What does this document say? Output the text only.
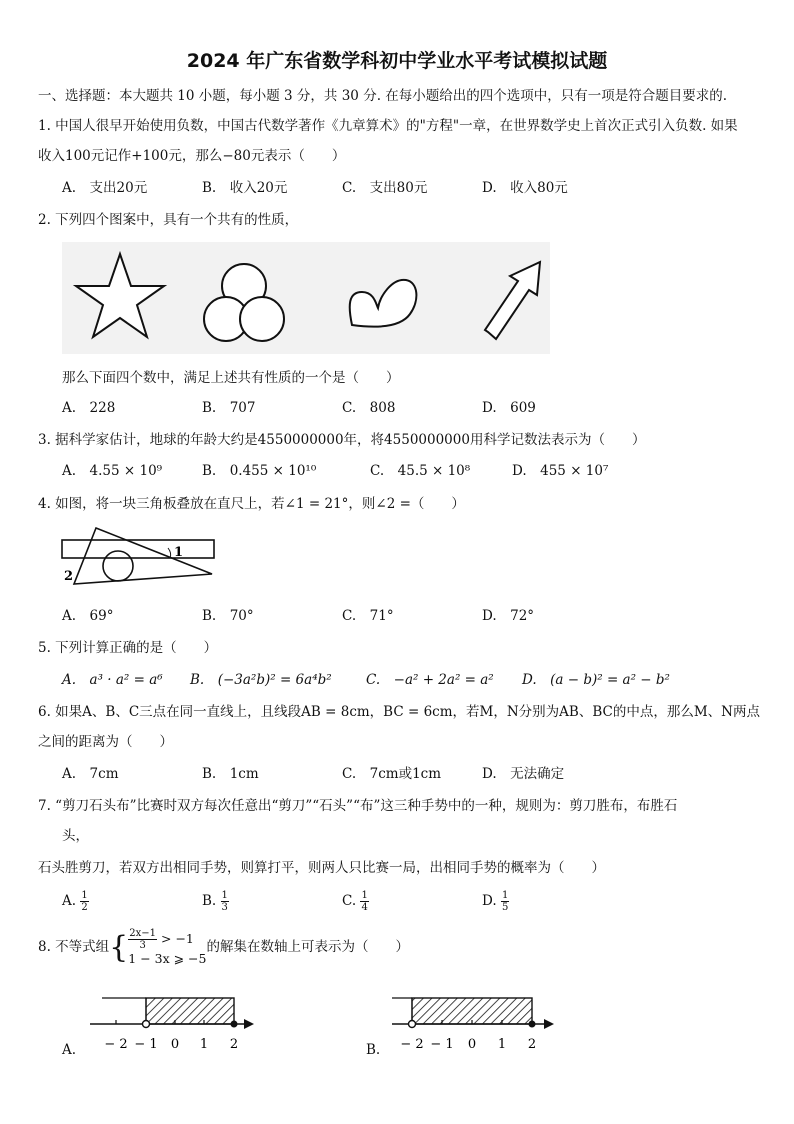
2024 年广东省数学科初中学业水平考试模拟试题
一、选择题：本大题共 10 小题，每小题 3 分，共 30 分. 在每小题给出的四个选项中，只有一项是符合题目要求的.
1. 中国人很早开始使用负数，中国古代数学著作《九章算术》的"方程"一章，在世界数学史上首次正式引入负数. 如果
收入100元记作+100元，那么−80元表示（　　）
A.　支出20元	B.　收入20元	C.　支出80元	D.　收入80元
2. 下列四个图案中，具有一个共有的性质，
那么下面四个数中，满足上述共有性质的一个是（　　）
A.　228	B.　707	C.　808	D.　609
3. 据科学家估计，地球的年龄大约是4550000000年，将4550000000用科学记数法表示为（　　）
A.　4.55 × 10⁹	B.　0.455 × 10¹⁰	C.　45.5 × 10⁸	D.　455 × 10⁷
4. 如图，将一块三角板叠放在直尺上，若∠1 = 21°，则∠2 =（　　）
1
2
A.　69°	B.　70°	C.　71°	D.　72°
5. 下列计算正确的是（　　）
A.　a³ · a² = a⁶ B.　(−3a²b)² = 6a⁴b²	C.　−a² + 2a² = a² D.　(a − b)² = a² − b²
6. 如果A、B、C三点在同一直线上，且线段AB = 8cm，BC = 6cm，若M，N分别为AB、BC的中点，那么M、N两点
之间的距离为（　　）
A.　7cm	B.　1cm	C.　7cm或1cm	D.　无法确定
7. “剪刀石头布”比赛时双方每次任意出“剪刀”“石头”“布”这三种手势中的一种，规则为：剪刀胜布，布胜石
头，
石头胜剪刀，若双方出相同手势，则算打平，则两人只比赛一局，出相同手势的概率为（　　）
A. $\frac{1}{2}$	B. $\frac{1}{3}$	C. $\frac{1}{4}$	D. $\frac{1}{5}$
8. 不等式组{ $\frac{2x-1}{3} > -1$
1 − 3x ⩾ −5
的解集在数轴上可表示为（　　）
− 2 − 1 0 1 2
A.	− 2 − 1 0 1 2
B.
